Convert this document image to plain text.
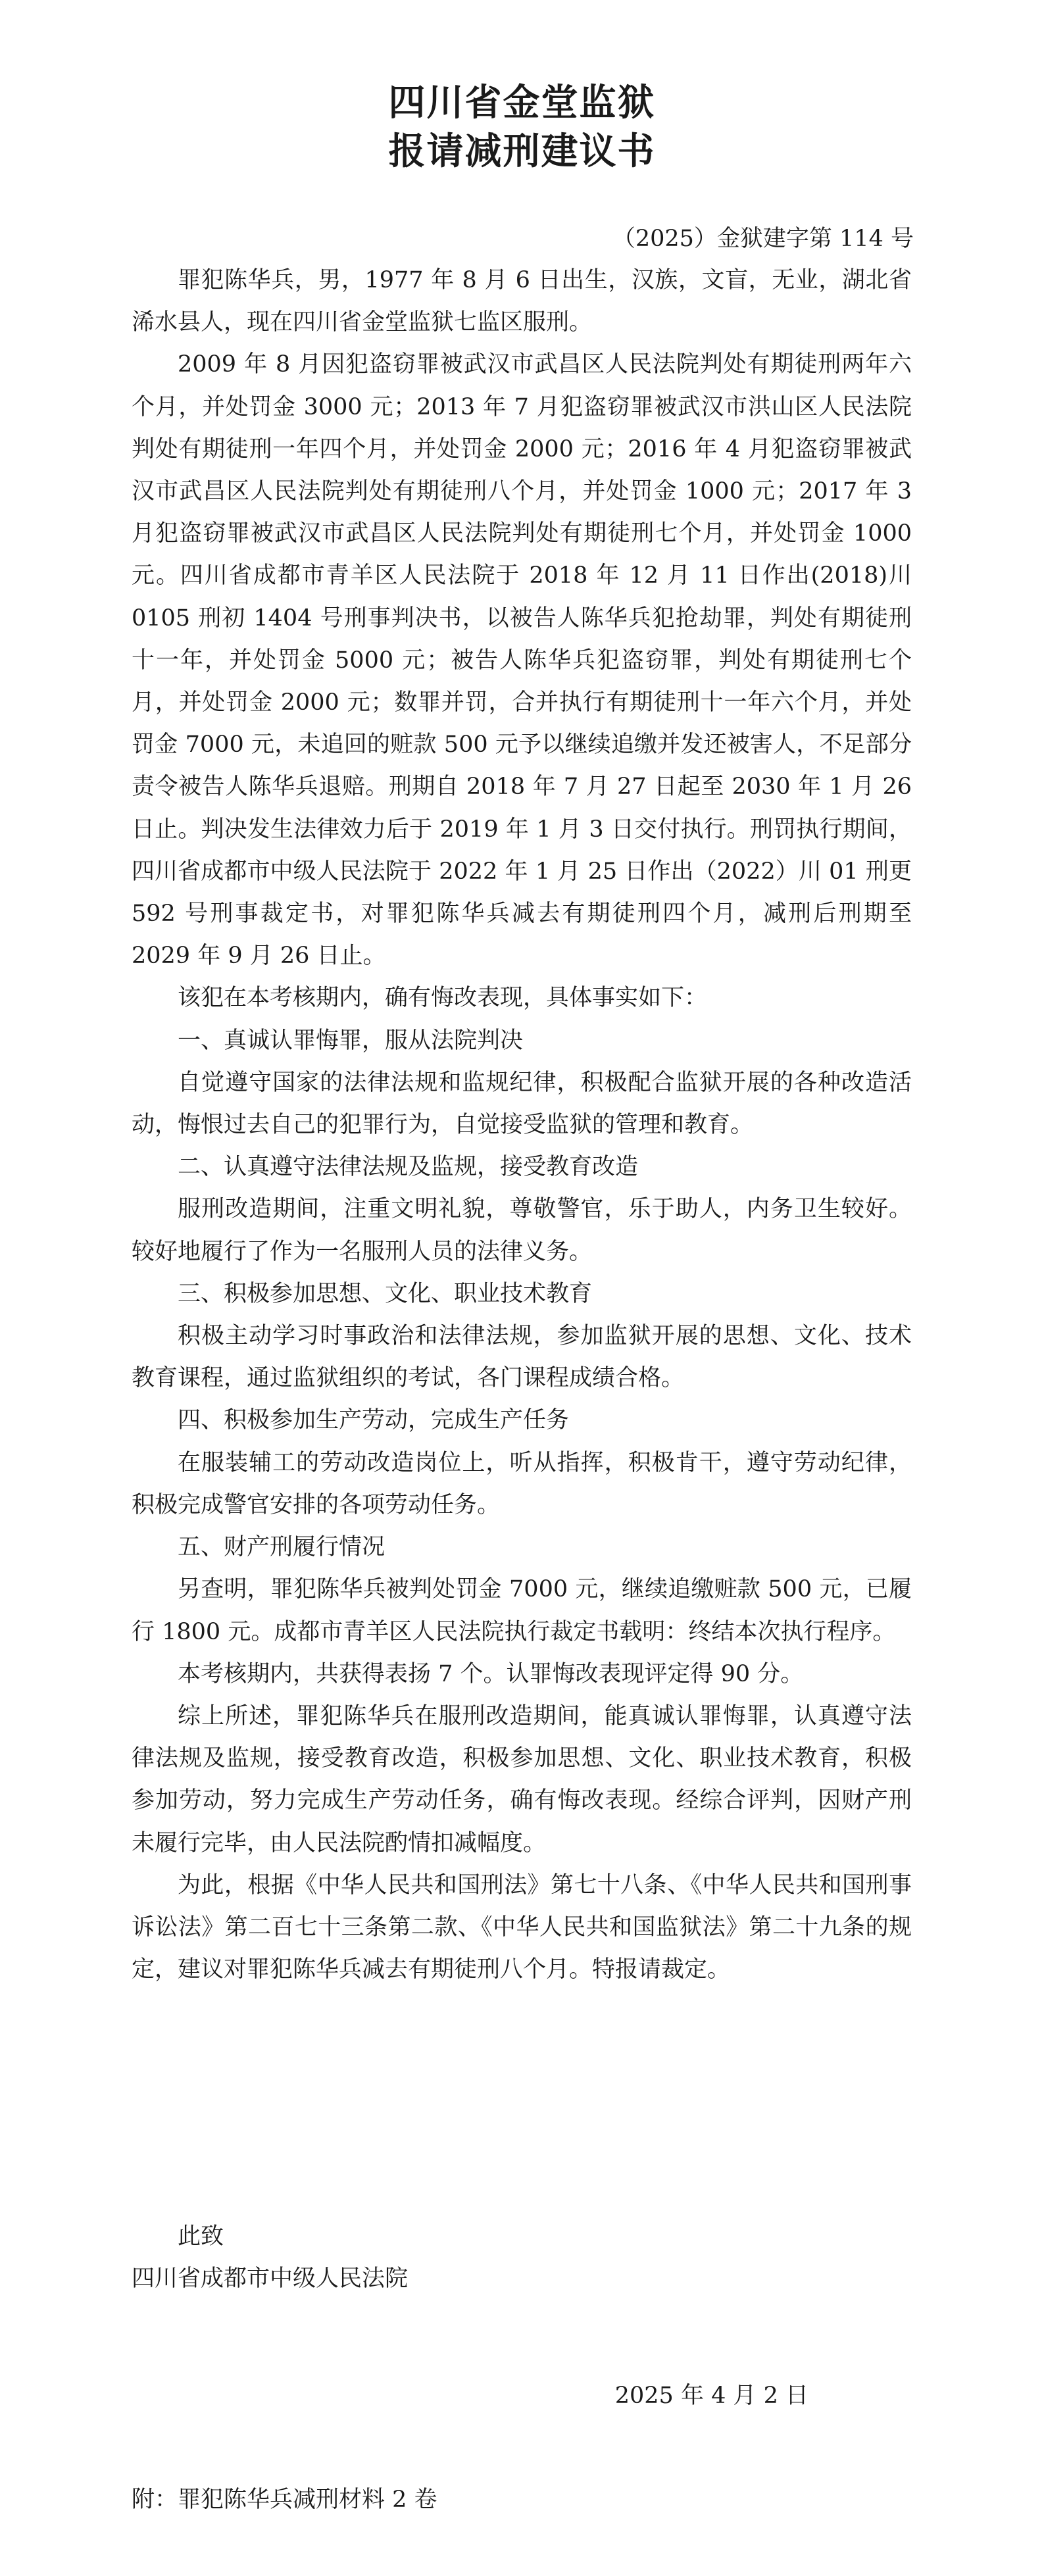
四川省金堂监狱
报请减刑建议书
（2025）金狱建字第 114 号

罪犯陈华兵，男，1977 年 8 月 6 日出生，汉族，文盲，无业，湖北省浠水县人，现在四川省金堂监狱七监区服刑。

2009 年 8 月因犯盗窃罪被武汉市武昌区人民法院判处有期徒刑两年六个月，并处罚金 3000 元；2013 年 7 月犯盗窃罪被武汉市洪山区人民法院判处有期徒刑一年四个月，并处罚金 2000 元；2016 年 4 月犯盗窃罪被武汉市武昌区人民法院判处有期徒刑八个月，并处罚金 1000 元；2017 年 3 月犯盗窃罪被武汉市武昌区人民法院判处有期徒刑七个月，并处罚金 1000 元。四川省成都市青羊区人民法院于 2018 年 12 月 11 日作出(2018)川 0105 刑初 1404 号刑事判决书，以被告人陈华兵犯抢劫罪，判处有期徒刑十一年，并处罚金 5000 元；被告人陈华兵犯盗窃罪，判处有期徒刑七个月，并处罚金 2000 元；数罪并罚，合并执行有期徒刑十一年六个月，并处罚金 7000 元，未追回的赃款 500 元予以继续追缴并发还被害人，不足部分责令被告人陈华兵退赔。刑期自 2018 年 7 月 27 日起至 2030 年 1 月 26 日止。判决发生法律效力后于 2019 年 1 月 3 日交付执行。刑罚执行期间，四川省成都市中级人民法院于 2022 年 1 月 25 日作出（2022）川 01 刑更 592 号刑事裁定书，对罪犯陈华兵减去有期徒刑四个月，减刑后刑期至 2029 年 9 月 26 日止。

该犯在本考核期内，确有悔改表现，具体事实如下：

一、真诚认罪悔罪，服从法院判决

自觉遵守国家的法律法规和监规纪律，积极配合监狱开展的各种改造活动，悔恨过去自己的犯罪行为，自觉接受监狱的管理和教育。

二、认真遵守法律法规及监规，接受教育改造

服刑改造期间，注重文明礼貌，尊敬警官，乐于助人，内务卫生较好。较好地履行了作为一名服刑人员的法律义务。

三、积极参加思想、文化、职业技术教育

积极主动学习时事政治和法律法规，参加监狱开展的思想、文化、技术教育课程，通过监狱组织的考试，各门课程成绩合格。

四、积极参加生产劳动，完成生产任务

在服装辅工的劳动改造岗位上，听从指挥，积极肯干，遵守劳动纪律，积极完成警官安排的各项劳动任务。

五、财产刑履行情况

另查明，罪犯陈华兵被判处罚金 7000 元，继续追缴赃款 500 元，已履行 1800 元。成都市青羊区人民法院执行裁定书载明：终结本次执行程序。

本考核期内，共获得表扬 7 个。认罪悔改表现评定得 90 分。

综上所述，罪犯陈华兵在服刑改造期间，能真诚认罪悔罪，认真遵守法律法规及监规，接受教育改造，积极参加思想、文化、职业技术教育，积极参加劳动，努力完成生产劳动任务，确有悔改表现。经综合评判，因财产刑未履行完毕，由人民法院酌情扣减幅度。

为此，根据《中华人民共和国刑法》第七十八条、《中华人民共和国刑事诉讼法》第二百七十三条第二款、《中华人民共和国监狱法》第二十九条的规定，建议对罪犯陈华兵减去有期徒刑八个月。特报请裁定。

此致
四川省成都市中级人民法院
2025 年 4 月 2 日
附：罪犯陈华兵减刑材料 2 卷
